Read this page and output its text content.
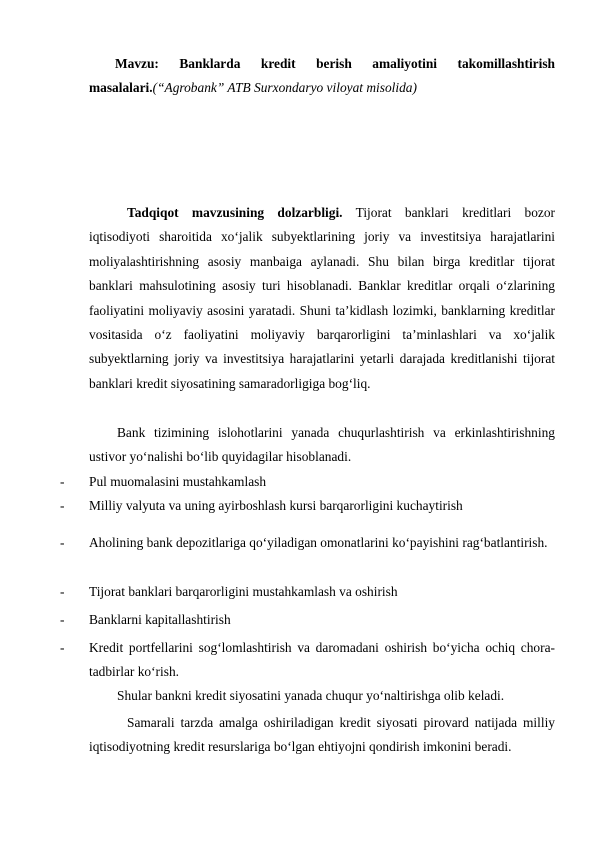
Mavzu: Banklarda kredit berish amaliyotini takomillashtirish
masalalari.(“Agrobank” ATB Surxondaryo viloyat misolida)
Tadqiqot mavzusining dolzarbligi. Tijorat banklari kreditlari bozor iqtisodiyoti sharoitida xo‘jalik subyektlarining joriy va investitsiya harajatlarini moliyalashtirishning asosiy manbaiga aylanadi. Shu bilan birga kreditlar tijorat banklari mahsulotining asosiy turi hisoblanadi. Banklar kreditlar orqali o‘zlarining faoliyatini moliyaviy asosini yaratadi. Shuni ta’kidlash lozimki, banklarning kreditlar vositasida o‘z faoliyatini moliyaviy barqarorligini ta’minlashlari va xo‘jalik subyektlarning joriy va investitsiya harajatlarini yetarli darajada kreditlanishi tijorat banklari kredit siyosatining samaradorligiga bog‘liq.
Bank tizimining islohotlarini yanada chuqurlashtirish va erkinlashtirishning ustivor yo‘nalishi bo‘lib quyidagilar hisoblanadi.
- Pul muomalasini mustahkamlash
- Milliy valyuta va uning ayirboshlash kursi barqarorligini kuchaytirish
- Aholining bank depozitlariga qo‘yiladigan omonatlarini ko‘payishini rag‘batlantirish.
- Tijorat banklari barqarorligini mustahkamlash va oshirish
- Banklarni kapitallashtirish
- Kredit portfellarini sog‘lomlashtirish va daromadani oshirish bo‘yicha ochiq chora-tadbirlar ko‘rish.
Shular bankni kredit siyosatini yanada chuqur yo‘naltirishga olib keladi.
Samarali tarzda amalga oshiriladigan kredit siyosati pirovard natijada milliy iqtisodiyotning kredit resurslariga bo‘lgan ehtiyojni qondirish imkonini beradi.
